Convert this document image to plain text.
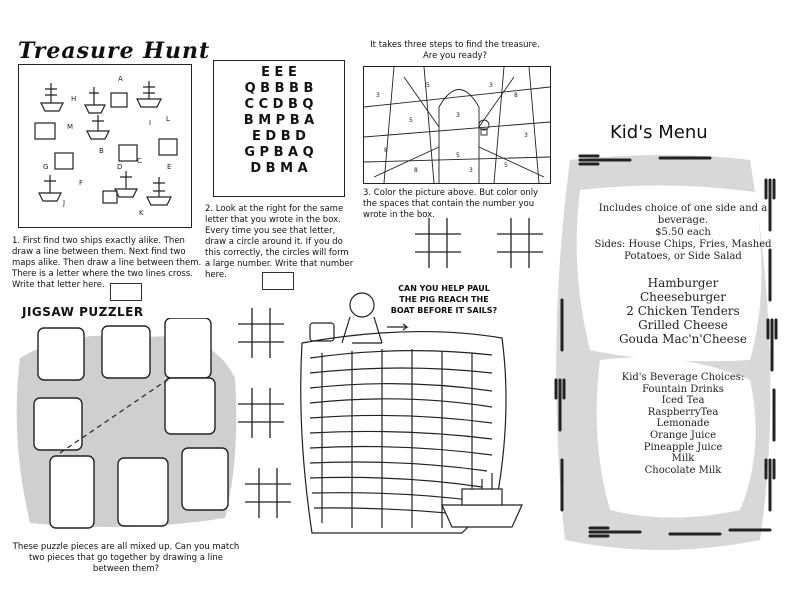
Treasure Hunt
A
M
B
L
E
D
F
C
G
H
I
J
K
1. First find two ships exactly alike. Then draw a line between them. Next find two maps alike. Then draw a line between them. There is a letter where the two lines cross. Write that letter here.
E E E
Q B B B B
C C D B Q
B M P B A
E D B D
G P B A Q
D B M A
2. Look at the right for the same letter that you wrote in the box. Every time you see that letter, draw a circle around it. If you do this correctly, the circles will form a large number. Write that number here.
It takes three steps to find the treasure. Are you ready?
3
5
8
3
5
8
3
5
8	3
5	3
3. Color the picture above. But color only the spaces that contain the number you wrote in the box.
JIGSAW PUZZLER
These puzzle pieces are all mixed up. Can you match two pieces that go together by drawing a line between them?
CAN YOU HELP PAUL THE PIG REACH THE BOAT BEFORE IT SAILS?
Kid's Menu
Includes choice of one side and a beverage.
$5.50 each
Sides: House Chips, Fries, Mashed Potatoes, or Side Salad
Hamburger
Cheeseburger
2 Chicken Tenders
Grilled Cheese
Gouda Mac'n'Cheese
Kid's Beverage Choices:
Fountain Drinks
Iced Tea
RaspberryTea
Lemonade
Orange Juice
Pineapple Juice
Milk
Chocolate Milk
